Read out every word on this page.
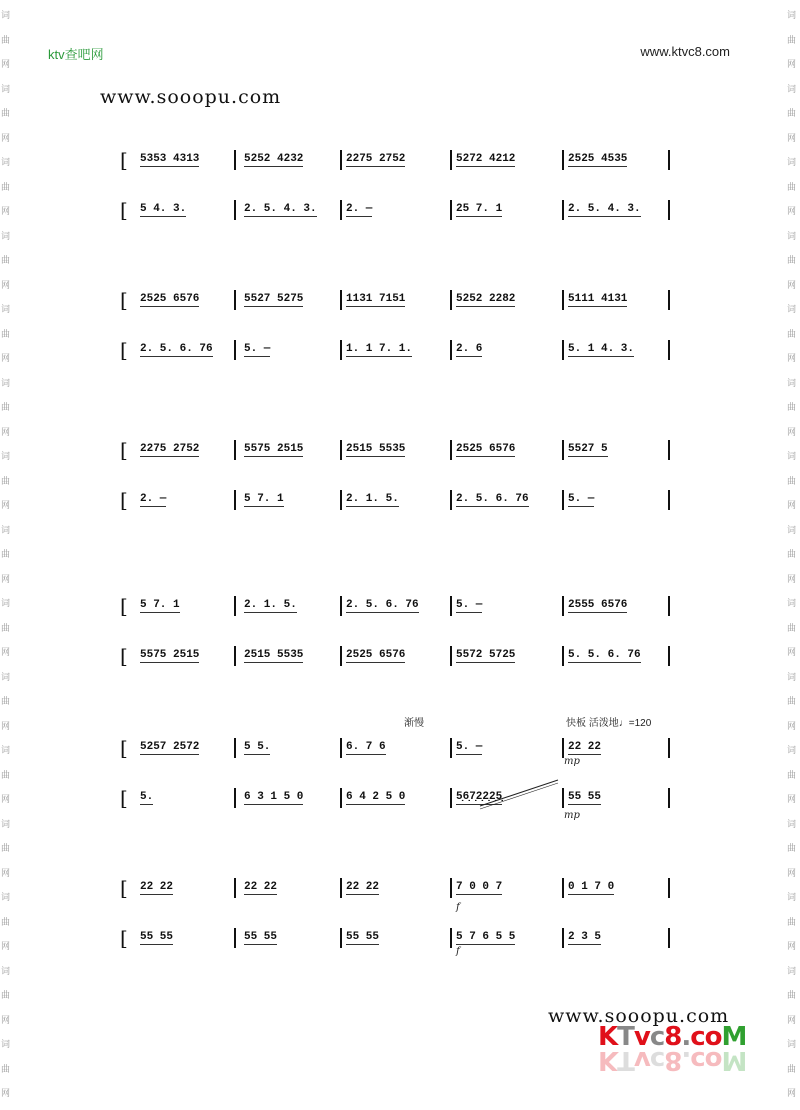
词
曲
网
词
曲
网
词
曲
网
词
曲
网
词
曲
网
词
曲
网
词
曲
网
词
曲
网
词
曲
网
词
曲
网
词
曲
网
词
曲
网
词
曲
网
词
曲
网
词
曲
网
词
曲
网
词
曲
网
词
曲
网
词
曲
网
词
曲
网
词
曲
网
词
曲
网
词
曲
网
词
曲
网
词
曲
网
词
曲
网
词
曲
网
词
曲
网
词
曲
网
词
曲
网
ktv查吧网	www.ktvc8.com
www.sooopu.com
[ 5353 4313	5252 4232	2275 2752	5272 4212	2525 4535
[ 5 4. 3.	2. 5. 4. 3.	2. —	25 7. 1	2. 5. 4. 3.
[ 2525 6576	5527 5275	1131 7151	5252 2282	5111 4131
[ 2. 5. 6. 76	5. —	1. 1 7. 1.	2. 6	5. 1 4. 3.
[ 2275 2752	5575 2515	2515 5535	2525 6576	5527 5
[ 2. —	5 7. 1	2. 1. 5.	2. 5. 6. 76	5. —
[ 5 7. 1	2. 1. 5.	2. 5. 6. 76	5. —	2555 6576
[ 5575 2515	2515 5535	2525 6576	5572 5725	5. 5. 6. 76
[ 5257 2572	5 5.	6. 7 6	5. —	22 22
[ 5.	6 3 1 5 0	6 4 2 5 0	5̣6̣7̣2̣2̣2̣5̣	55 55
[ 22 22	22 22	22 22	7 0 0 7	0 1 7 0
[ 55 55	55 55	55 55	5 7 6 5 5	2 3 5
渐慢	快板 活泼地♩=120
mp
mp
f
f
www.sooopu.com
KTvc8.coM
KTvc8.coM
